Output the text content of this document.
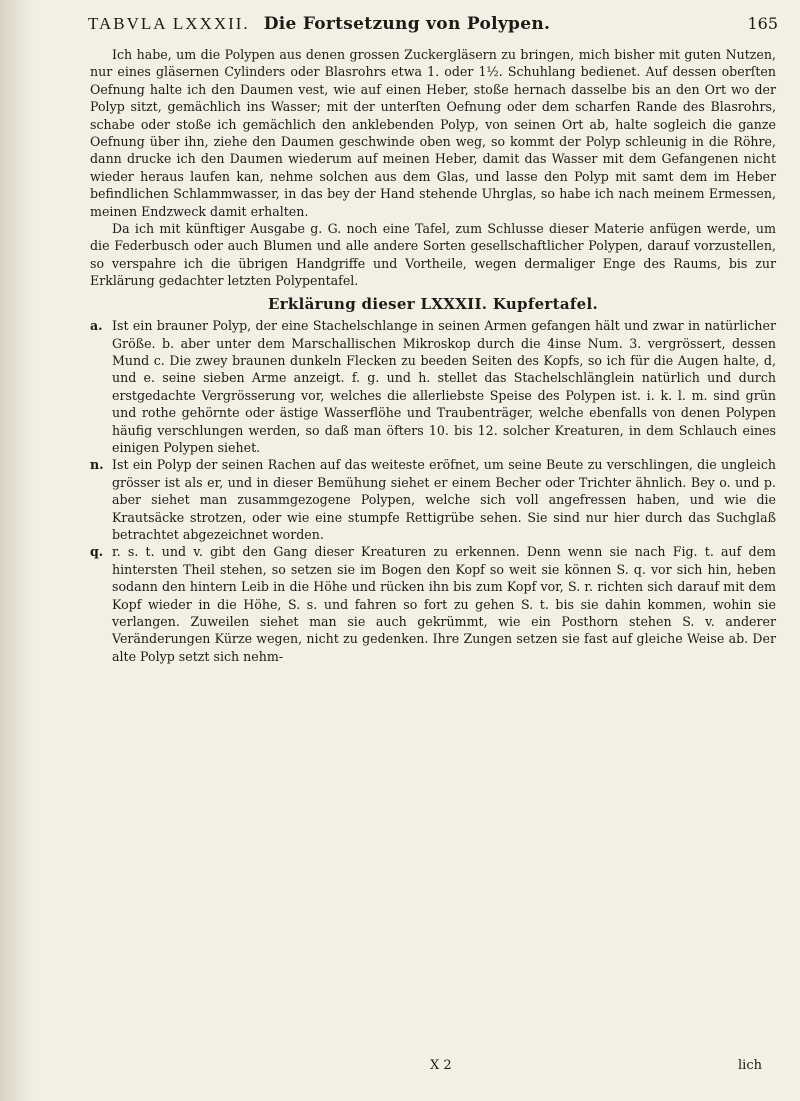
TABVLA LXXXII. Die Fortsetzung von Polypen.	165

Ich habe, um die Polypen aus denen grossen Zuckergläsern zu bringen, mich bisher mit guten Nutzen, nur eines gläsernen Cylinders oder Blasrohrs etwa 1. oder 1½. Schuhlang bedienet. Auf dessen oberſten Oefnung halte ich den Daumen vest, wie auf einen Heber, stoße hernach dasselbe bis an den Ort wo der Polyp sitzt, gemächlich ins Wasser; mit der unterſten Oefnung oder dem scharfen Rande des Blasrohrs, schabe oder stoße ich gemächlich den anklebenden Polyp, von seinen Ort ab, halte sogleich die ganze Oefnung über ihn, ziehe den Daumen geschwinde oben weg, so kommt der Polyp schleunig in die Röhre, dann drucke ich den Daumen wiederum auf meinen Heber, damit das Wasser mit dem Gefangenen nicht wieder heraus laufen kan, nehme solchen aus dem Glas, und lasse den Polyp mit samt dem im Heber befindlichen Schlammwasser, in das bey der Hand stehende Uhrglas, so habe ich nach meinem Ermessen, meinen Endzweck damit erhalten.

Da ich mit künftiger Ausgabe g. G. noch eine Tafel, zum Schlusse dieser Materie anfügen werde, um die Federbusch oder auch Blumen und alle andere Sorten gesellschaftlicher Polypen, darauf vorzustellen, so verspahre ich die übrigen Handgriffe und Vortheile, wegen dermaliger Enge des Raums, bis zur Erklärung gedachter letzten Polypentafel.

Erklärung dieser LXXXII. Kupfertafel.
a. Ist ein brauner Polyp, der eine Stachelschlange in seinen Armen gefangen hält und zwar in natürlicher Größe. b. aber unter dem Marschallischen Mikroskop durch die 4inse Num. 3. vergrössert, dessen Mund c. Die zwey braunen dunkeln Flecken zu beeden Seiten des Kopfs, so ich für die Augen halte, d, und e. seine sieben Arme anzeigt. f. g. und h. stellet das Stachelschlänglein natürlich und durch erstgedachte Vergrösserung vor, welches die allerliebste Speise des Polypen ist. i. k. l. m. sind grün und rothe gehörnte oder ästige Wasserflöhe und Traubenträger, welche ebenfalls von denen Polypen häufig verschlungen werden, so daß man öfters 10. bis 12. solcher Kreaturen, in dem Schlauch eines einigen Polypen siehet.
n. Ist ein Polyp der seinen Rachen auf das weiteste eröfnet, um seine Beute zu verschlingen, die ungleich grösser ist als er, und in dieser Bemühung siehet er einem Becher oder Trichter ähnlich. Bey o. und p. aber siehet man zusammgezogene Polypen, welche sich voll angefressen haben, und wie die Krautsäcke strotzen, oder wie eine stumpfe Rettigrübe sehen. Sie sind nur hier durch das Suchglaß betrachtet abgezeichnet worden.
q. r. s. t. und v. gibt den Gang dieser Kreaturen zu erkennen. Denn wenn sie nach Fig. t. auf dem hintersten Theil stehen, so setzen sie im Bogen den Kopf so weit sie können S. q. vor sich hin, heben sodann den hintern Leib in die Höhe und rücken ihn bis zum Kopf vor, S. r. richten sich darauf mit dem Kopf wieder in die Höhe, S. s. und fahren so fort zu gehen S. t. bis sie dahin kommen, wohin sie verlangen. Zuweilen siehet man sie auch gekrümmt, wie ein Posthorn stehen S. v. anderer Veränderungen Kürze wegen, nicht zu gedenken. Ihre Zungen setzen sie fast auf gleiche Weise ab. Der alte Polyp setzt sich nehm-
X 2	lich
